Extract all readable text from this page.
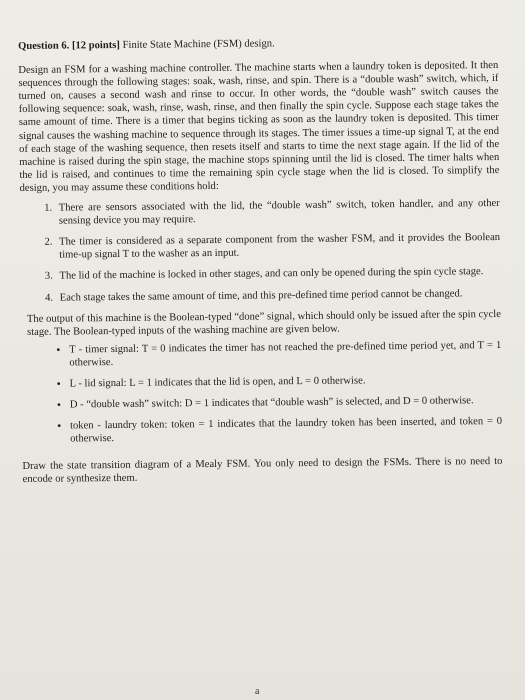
Question 6. [12 points] Finite State Machine (FSM) design.

Design an FSM for a washing machine controller. The machine starts when a laundry token is deposited. It then sequences through the following stages: soak, wash, rinse, and spin. There is a “double wash” switch, which, if turned on, causes a second wash and rinse to occur. In other words, the “double wash” switch causes the following sequence: soak, wash, rinse, wash, rinse, and then finally the spin cycle. Suppose each stage takes the same amount of time. There is a timer that begins ticking as soon as the laundry token is deposited. This timer signal causes the washing machine to sequence through its stages. The timer issues a time-up signal T, at the end of each stage of the washing sequence, then resets itself and starts to time the next stage again. If the lid of the machine is raised during the spin stage, the machine stops spinning until the lid is closed. The timer halts when the lid is raised, and continues to time the remaining spin cycle stage when the lid is closed. To simplify the design, you may assume these conditions hold:

1. There are sensors associated with the lid, the “double wash” switch, token handler, and any other sensing device you may require.
2. The timer is considered as a separate component from the washer FSM, and it provides the Boolean time-up signal T to the washer as an input.
3. The lid of the machine is locked in other stages, and can only be opened during the spin cycle stage.
4. Each stage takes the same amount of time, and this pre-defined time period cannot be changed.

The output of this machine is the Boolean-typed “done” signal, which should only be issued after the spin cycle stage. The Boolean-typed inputs of the washing machine are given below.

• T - timer signal: T = 0 indicates the timer has not reached the pre-defined time period yet, and T = 1 otherwise.
• L - lid signal: L = 1 indicates that the lid is open, and L = 0 otherwise.
• D - “double wash” switch: D = 1 indicates that “double wash” is selected, and D = 0 otherwise.
• token - laundry token: token = 1 indicates that the laundry token has been inserted, and token = 0 otherwise.

Draw the state transition diagram of a Mealy FSM. You only need to design the FSMs. There is no need to encode or synthesize them.

a
